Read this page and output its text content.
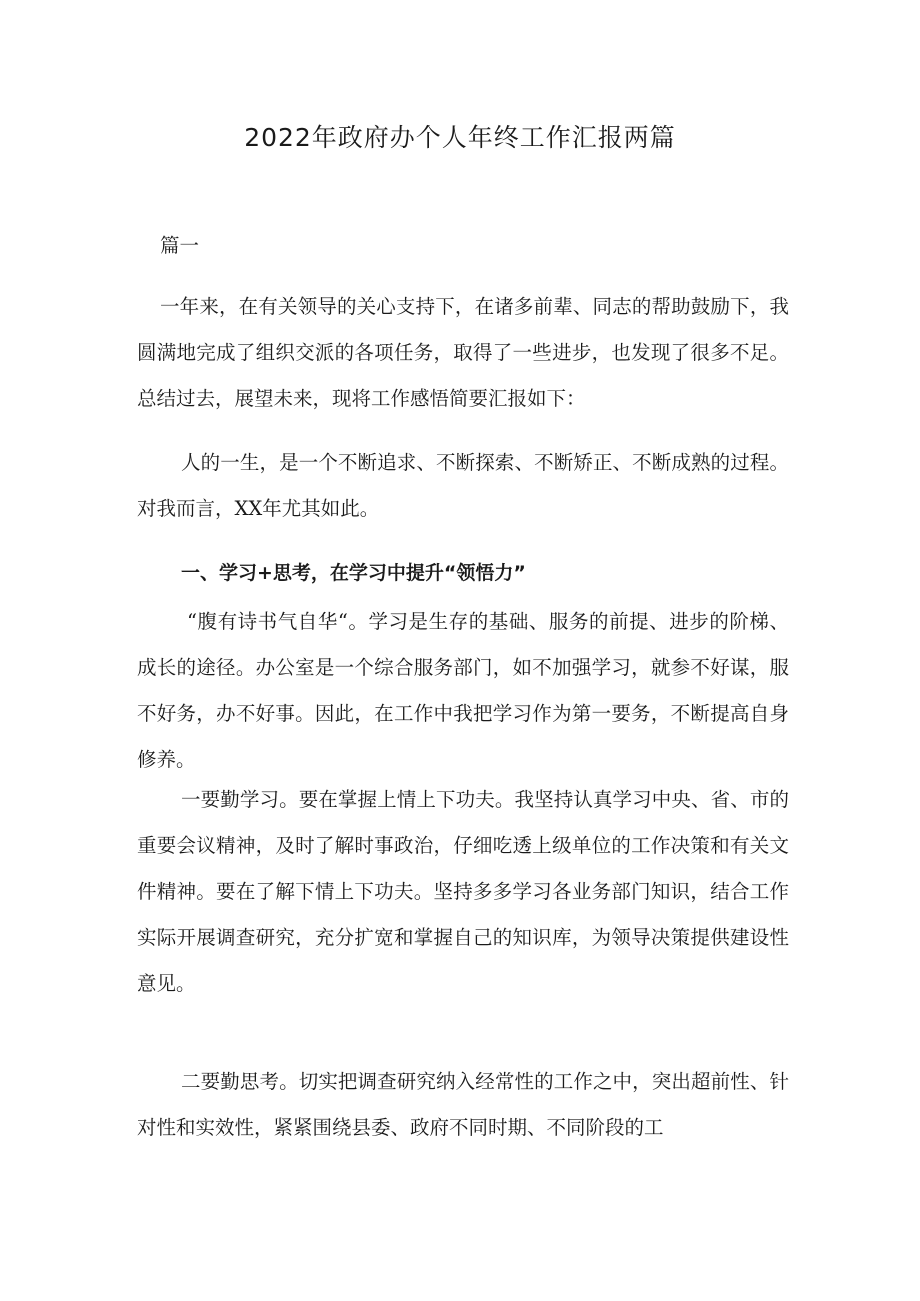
2022年政府办个人年终工作汇报两篇

篇一

一年来，在有关领导的关心支持下，在诸多前辈、同志的帮助鼓励下，我圆满地完成了组织交派的各项任务，取得了一些进步，也发现了很多不足。总结过去，展望未来，现将工作感悟简要汇报如下：

人的一生，是一个不断追求、不断探索、不断矫正、不断成熟的过程。对我而言，XX年尤其如此。

一、学习+思考，在学习中提升“领悟力”

“腹有诗书气自华“。学习是生存的基础、服务的前提、进步的阶梯、成长的途径。办公室是一个综合服务部门，如不加强学习，就参不好谋，服不好务，办不好事。因此，在工作中我把学习作为第一要务，不断提高自身修养。

一要勤学习。要在掌握上情上下功夫。我坚持认真学习中央、省、市的重要会议精神，及时了解时事政治，仔细吃透上级单位的工作决策和有关文件精神。要在了解下情上下功夫。坚持多多学习各业务部门知识，结合工作实际开展调查研究，充分扩宽和掌握自己的知识库，为领导决策提供建设性意见。

二要勤思考。切实把调查研究纳入经常性的工作之中，突出超前性、针对性和实效性，紧紧围绕县委、政府不同时期、不同阶段的工
